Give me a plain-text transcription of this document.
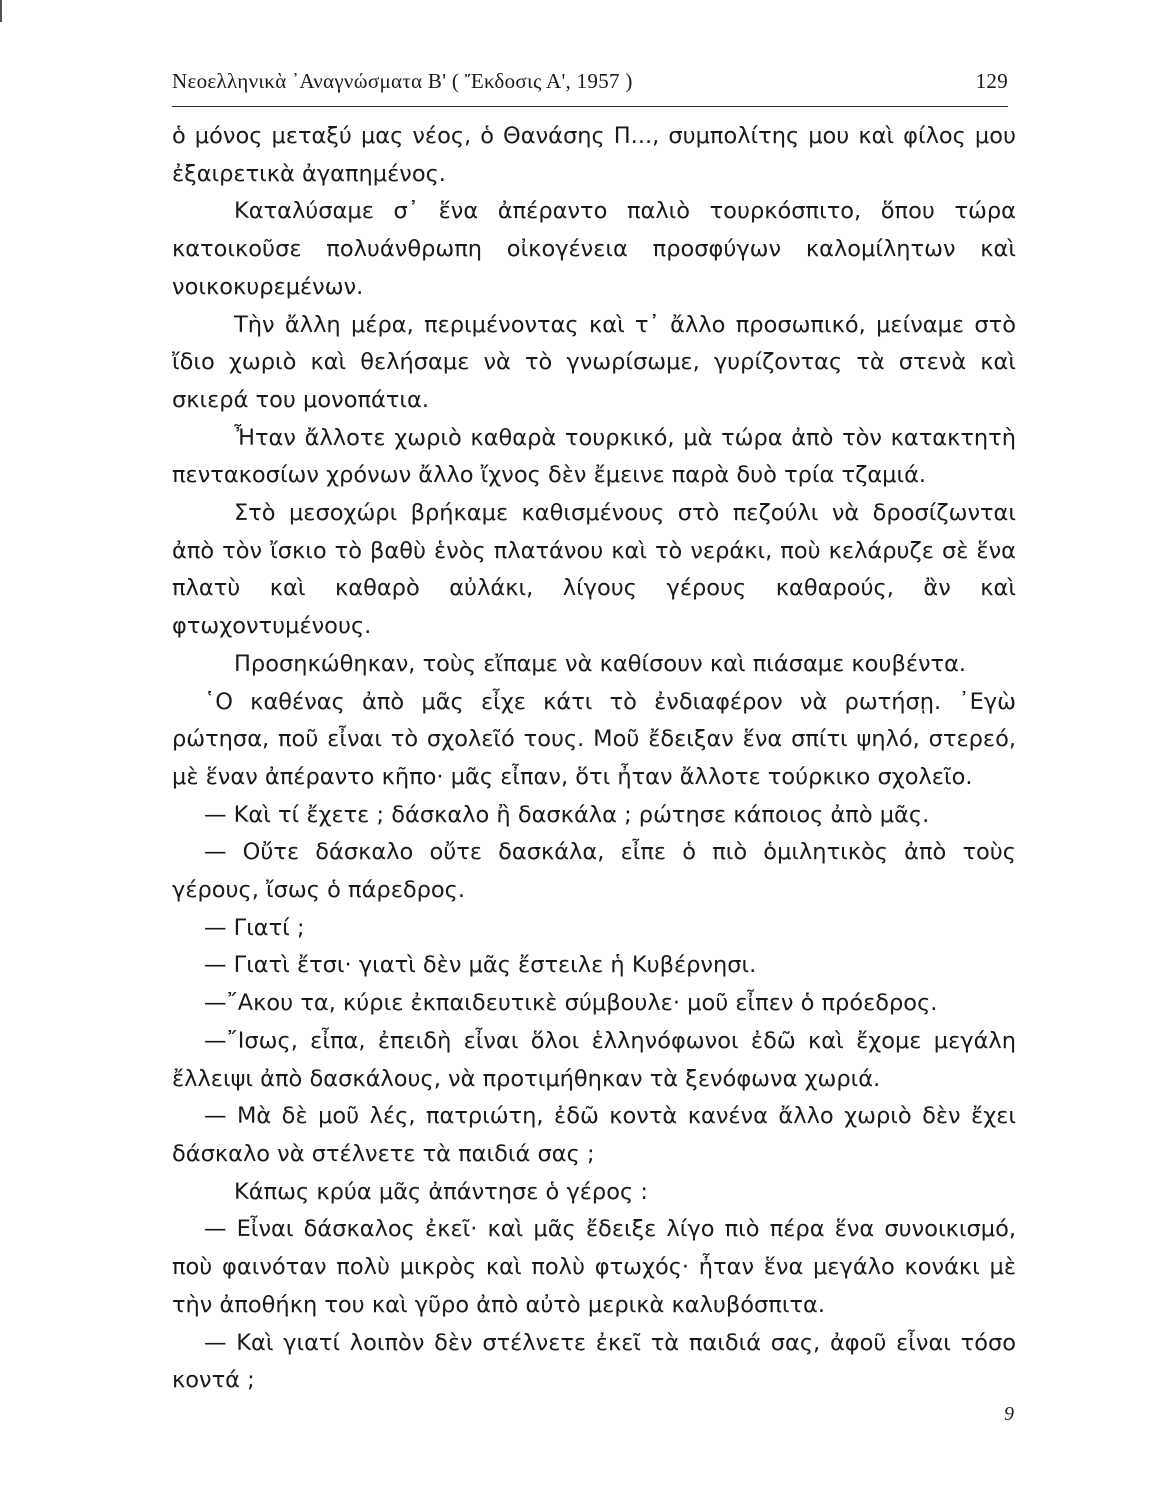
Νεοελληνικὰ ᾿Αναγνώσματα Β' ( Ἔκδοσις Α', 1957 )	129

ὁ μόνος μεταξύ μας νέος, ὁ Θανάσης Π..., συμπολίτης μου καὶ φίλος μου ἐξαιρετικὰ ἀγαπημένος.

Καταλύσαμε σ᾿ ἕνα ἀπέραντο παλιὸ τουρκόσπιτο, ὅπου τώρα κατοικοῦσε πολυάνθρωπη οἰκογένεια προσφύγων καλομίλητων καὶ νοικοκυρεμένων.

Τὴν ἄλλη μέρα, περιμένοντας καὶ τ᾿ ἄλλο προσωπικό, μείναμε στὸ ἴδιο χωριὸ καὶ θελήσαμε νὰ τὸ γνωρίσωμε, γυρίζοντας τὰ στενὰ καὶ σκιερά του μονοπάτια.

Ἦταν ἄλλοτε χωριὸ καθαρὰ τουρκικό, μὰ τώρα ἀπὸ τὸν κατακτητὴ πεντακοσίων χρόνων ἄλλο ἴχνος δὲν ἔμεινε παρὰ δυὸ τρία τζαμιά.

Στὸ μεσοχώρι βρήκαμε καθισμένους στὸ πεζούλι νὰ δροσίζωνται ἀπὸ τὸν ἴσκιο τὸ βαθὺ ἑνὸς πλατάνου καὶ τὸ νεράκι, ποὺ κελάρυζε σὲ ἕνα πλατὺ καὶ καθαρὸ αὐλάκι, λίγους γέρους καθαρούς, ἂν καὶ φτωχοντυμένους.

Προσηκώθηκαν, τοὺς εἴπαμε νὰ καθίσουν καὶ πιάσαμε κουβέντα.

῾Ο καθένας ἀπὸ μᾶς εἶχε κάτι τὸ ἐνδιαφέρον νὰ ρωτήσῃ. ᾿Εγὼ ρώτησα, ποῦ εἶναι τὸ σχολεῖό τους. Μοῦ ἔδειξαν ἕνα σπίτι ψηλό, στερεό, μὲ ἕναν ἀπέραντο κῆπο· μᾶς εἶπαν, ὅτι ἦταν ἄλλοτε τούρκικο σχολεῖο.

— Καὶ τί ἔχετε ; δάσκαλο ἢ δασκάλα ; ρώτησε κάποιος ἀπὸ μᾶς.

— Οὔτε δάσκαλο οὔτε δασκάλα, εἶπε ὁ πιὸ ὁμιλητικὸς ἀπὸ τοὺς γέρους, ἴσως ὁ πάρεδρος.

— Γιατί ;

— Γιατὶ ἔτσι· γιατὶ δὲν μᾶς ἔστειλε ἡ Κυβέρνησι.

—῎Ακου τα, κύριε ἐκπαιδευτικὲ σύμβουλε· μοῦ εἶπεν ὁ πρόεδρος.

—῎Ισως, εἶπα, ἐπειδὴ εἶναι ὅλοι ἑλληνόφωνοι ἐδῶ καὶ ἔχομε μεγάλη ἔλλειψι ἀπὸ δασκάλους, νὰ προτιμήθηκαν τὰ ξενόφωνα χωριά.

— Μὰ δὲ μοῦ λές, πατριώτη, ἐδῶ κοντὰ κανένα ἄλλο χωριὸ δὲν ἔχει δάσκαλο νὰ στέλνετε τὰ παιδιά σας ;

Κάπως κρύα μᾶς ἀπάντησε ὁ γέρος :

— Εἶναι δάσκαλος ἐκεῖ· καὶ μᾶς ἔδειξε λίγο πιὸ πέρα ἕνα συνοικισμό, ποὺ φαινόταν πολὺ μικρὸς καὶ πολὺ φτωχός· ἦταν ἕνα μεγάλο κονάκι μὲ τὴν ἀποθήκη του καὶ γῦρο ἀπὸ αὐτὸ μερικὰ καλυβόσπιτα.

— Καὶ γιατί λοιπὸν δὲν στέλνετε ἐκεῖ τὰ παιδιά σας, ἀφοῦ εἶναι τόσο κοντά ;

9
